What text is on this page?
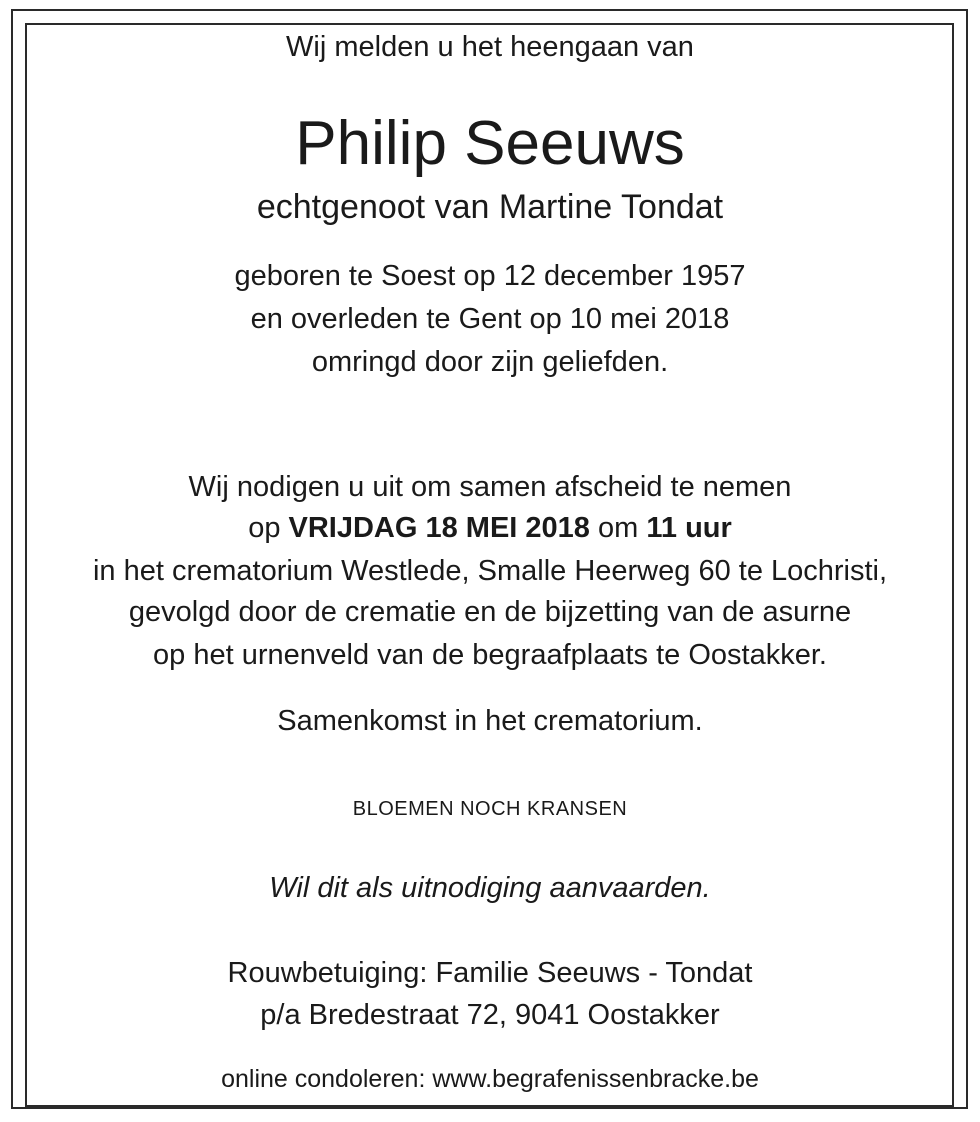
Wij melden u het heengaan van
Philip Seeuws
echtgenoot van Martine Tondat
geboren te Soest op 12 december 1957
en overleden te Gent op 10 mei 2018
omringd door zijn geliefden.
Wij nodigen u uit om samen afscheid te nemen
op VRIJDAG 18 MEI 2018 om 11 uur
in het crematorium Westlede, Smalle Heerweg 60 te Lochristi,
gevolgd door de crematie en de bijzetting van de asurne
op het urnenveld van de begraafplaats te Oostakker.
Samenkomst in het crematorium.
BLOEMEN NOCH KRANSEN
Wil dit als uitnodiging aanvaarden.
Rouwbetuiging: Familie Seeuws - Tondat
p/a Bredestraat 72, 9041 Oostakker
online condoleren: www.begrafenissenbracke.be
